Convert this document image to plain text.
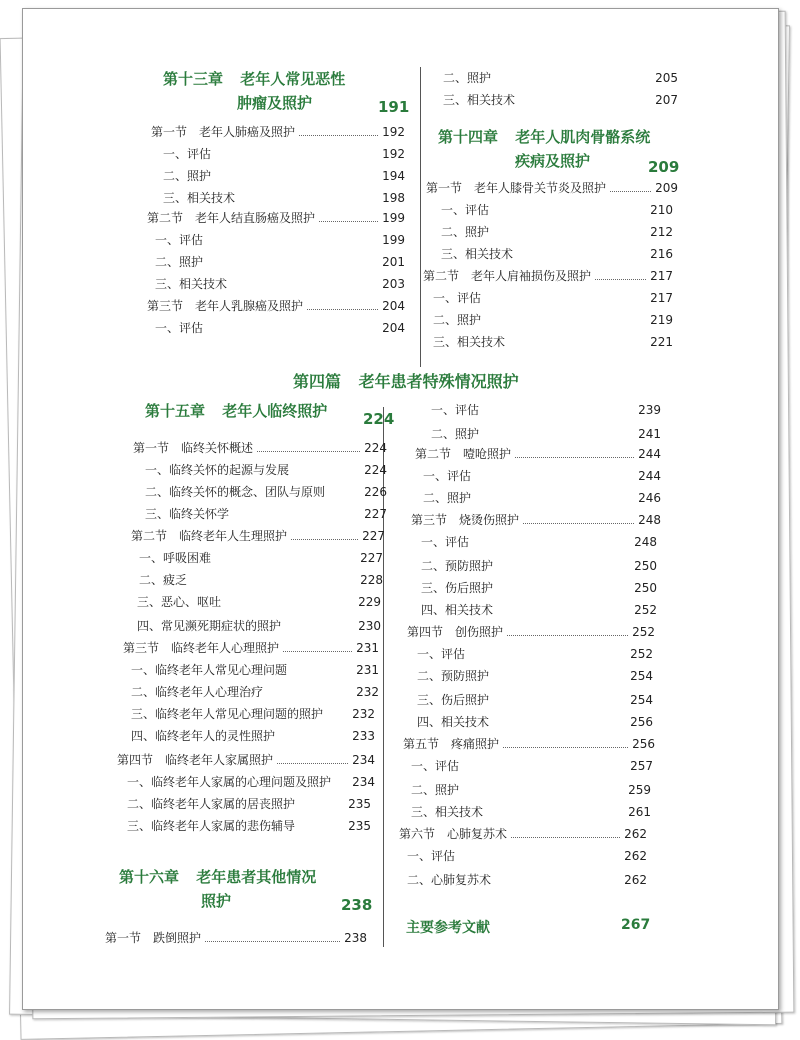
第十三章 老年人常见恶性
肿瘤及照护	191
第十四章 老年人肌肉骨骼系统
疾病及照护	209
第四篇 老年患者特殊情况照护
第十五章 老年人临终照护 224
第十六章 老年患者其他情况
照护	238
主要参考文献	267
第一节　老年人肺癌及照护	192
一、评估	192
二、照护	194
三、相关技术	198
第二节　老年人结直肠癌及照护	199
一、评估	199
二、照护	201
三、相关技术	203
第三节　老年人乳腺癌及照护	204
一、评估	204
二、照护	205
三、相关技术	207
第一节　老年人膝骨关节炎及照护	209
一、评估	210
二、照护	212
三、相关技术	216
第二节　老年人肩袖损伤及照护	217
一、评估	217
二、照护	219
三、相关技术	221
第一节　临终关怀概述	224
一、临终关怀的起源与发展	224
二、临终关怀的概念、团队与原则	226
三、临终关怀学	227
第二节　临终老年人生理照护	227
一、呼吸困难	227
二、疲乏	228
三、恶心、呕吐	229
四、常见濒死期症状的照护	230
第三节　临终老年人心理照护	231
一、临终老年人常见心理问题	231
二、临终老年人心理治疗	232
三、临终老年人常见心理问题的照护 232
四、临终老年人的灵性照护	233
第四节　临终老年人家属照护	234
一、临终老年人家属的心理问题及照护 234
二、临终老年人家属的居丧照护	235
三、临终老年人家属的悲伤辅导	235
第一节　跌倒照护	238
一、评估	239
二、照护	241
第二节　噎呛照护	244
一、评估	244
二、照护	246
第三节　烧烫伤照护	248
一、评估	248
二、预防照护	250
三、伤后照护	250
四、相关技术	252
第四节　创伤照护	252
一、评估	252
二、预防照护	254
三、伤后照护	254
四、相关技术	256
第五节　疼痛照护	256
一、评估	257
二、照护	259
三、相关技术	261
第六节　心肺复苏术	262
一、评估	262
二、心肺复苏术	262
